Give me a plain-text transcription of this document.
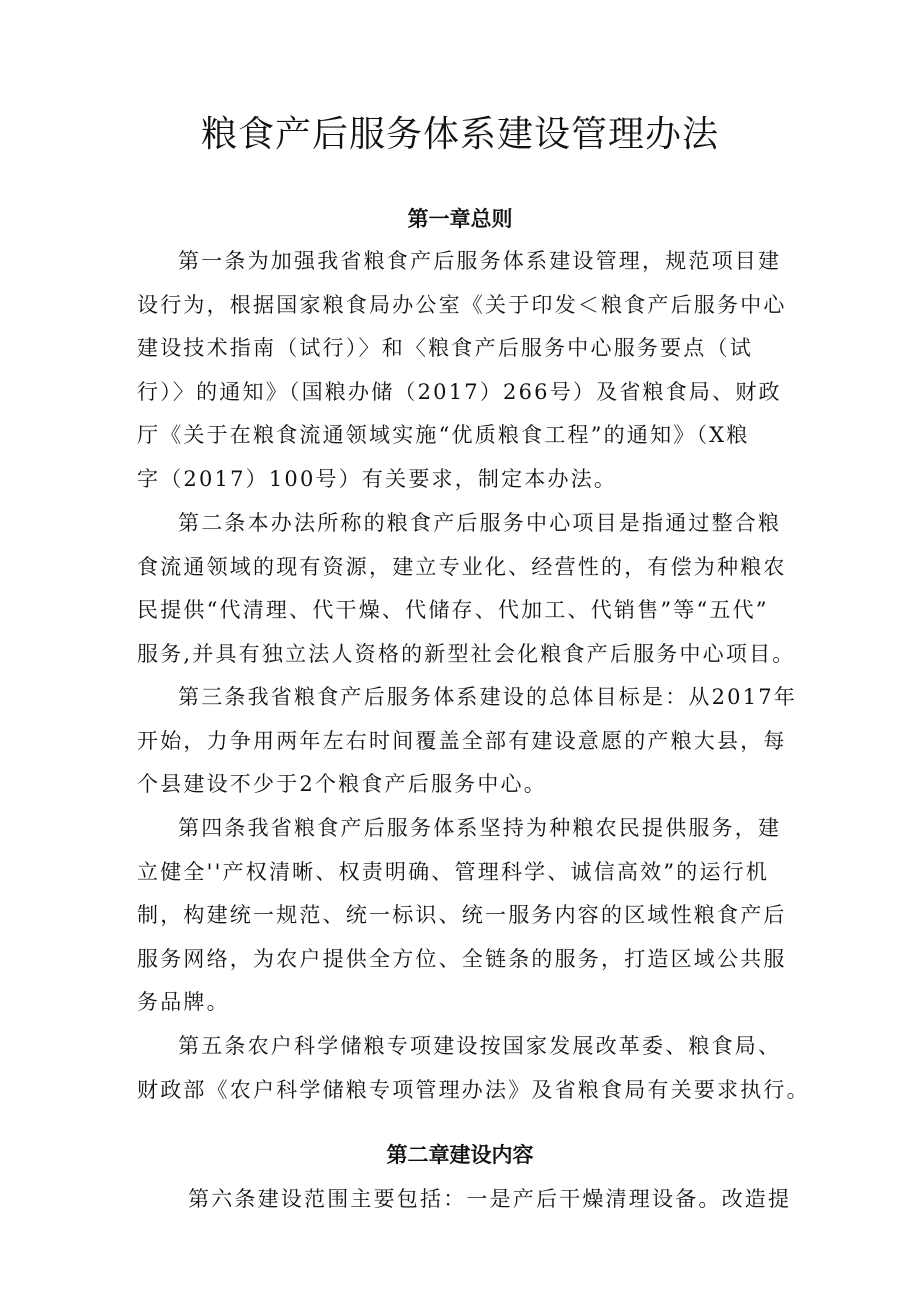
粮食产后服务体系建设管理办法
第一章总则

第一条为加强我省粮食产后服务体系建设管理，规范项目建

设行为，根据国家粮食局办公室《关于印发＜粮食产后服务中心

建设技术指南（试行）〉和〈粮食产后服务中心服务要点（试

行）〉的通知》（国粮办储（2017）266号）及省粮食局、财政

厅《关于在粮食流通领域实施“优质粮食工程”的通知》（X粮

字（2017）100号）有关要求，制定本办法。

第二条本办法所称的粮食产后服务中心项目是指通过整合粮

食流通领域的现有资源，建立专业化、经营性的，有偿为种粮农

民提供“代清理、代干燥、代储存、代加工、代销售”等“五代”

服务,并具有独立法人资格的新型社会化粮食产后服务中心项目。

第三条我省粮食产后服务体系建设的总体目标是：从2017年

开始，力争用两年左右时间覆盖全部有建设意愿的产粮大县，每

个县建设不少于2个粮食产后服务中心。

第四条我省粮食产后服务体系坚持为种粮农民提供服务，建

立健全''产权清晰、权责明确、管理科学、诚信高效”的运行机

制，构建统一规范、统一标识、统一服务内容的区域性粮食产后

服务网络，为农户提供全方位、全链条的服务，打造区域公共服

务品牌。

第五条农户科学储粮专项建设按国家发展改革委、粮食局、

财政部《农户科学储粮专项管理办法》及省粮食局有关要求执行。

第二章建设内容

第六条建设范围主要包括：一是产后干燥清理设备。改造提
